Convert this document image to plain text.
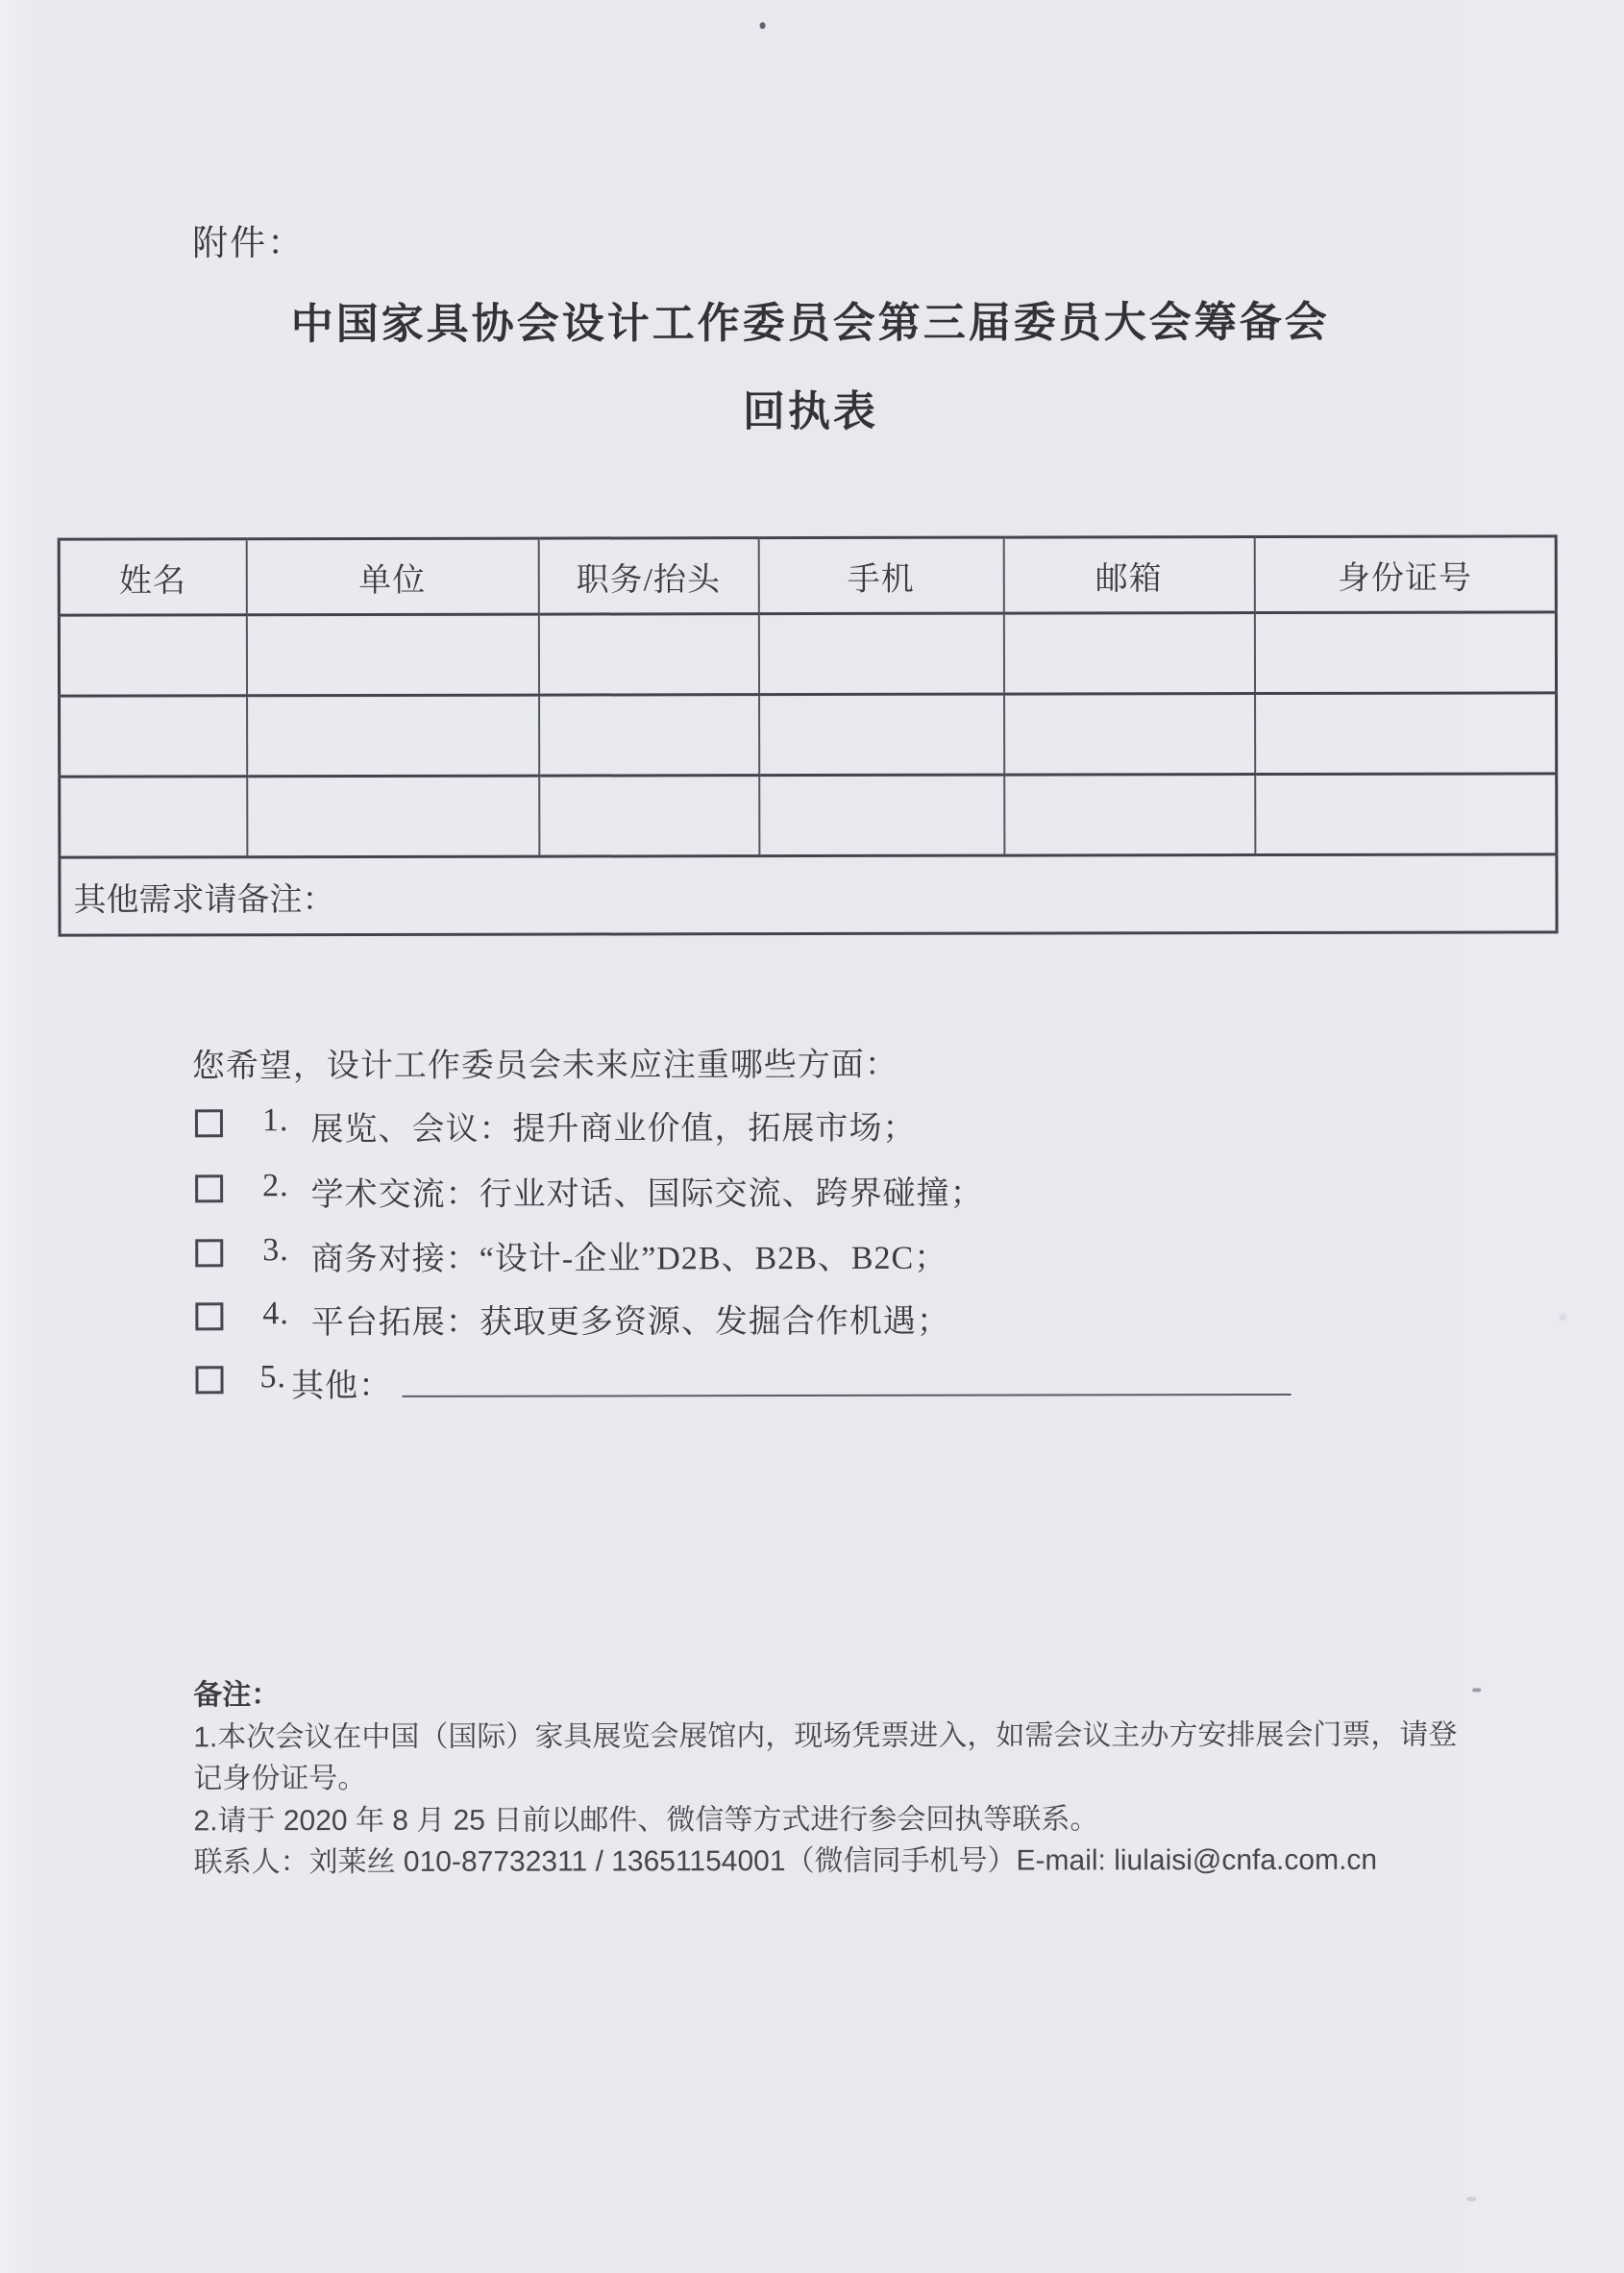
附件：
中国家具协会设计工作委员会第三届委员大会筹备会
回执表
姓名	单位	职务/抬头	手机	邮箱	身份证号

其他需求请备注：					
您希望，设计工作委员会未来应注重哪些方面：
1. 展览、会议：提升商业价值，拓展市场；
2. 学术交流：行业对话、国际交流、跨界碰撞；
3. 商务对接：“设计-企业”D2B、B2B、B2C；
4. 平台拓展：获取更多资源、发掘合作机遇；
5. 其他：
备注：
1.本次会议在中国（国际）家具展览会展馆内，现场凭票进入，如需会议主办方安排展会门票，请登
记身份证号。
2.请于 2020 年 8 月 25 日前以邮件、微信等方式进行参会回执等联系。
联系人：刘莱丝 010-87732311 / 13651154001（微信同手机号）E-mail: liulaisi@cnfa.com.cn
